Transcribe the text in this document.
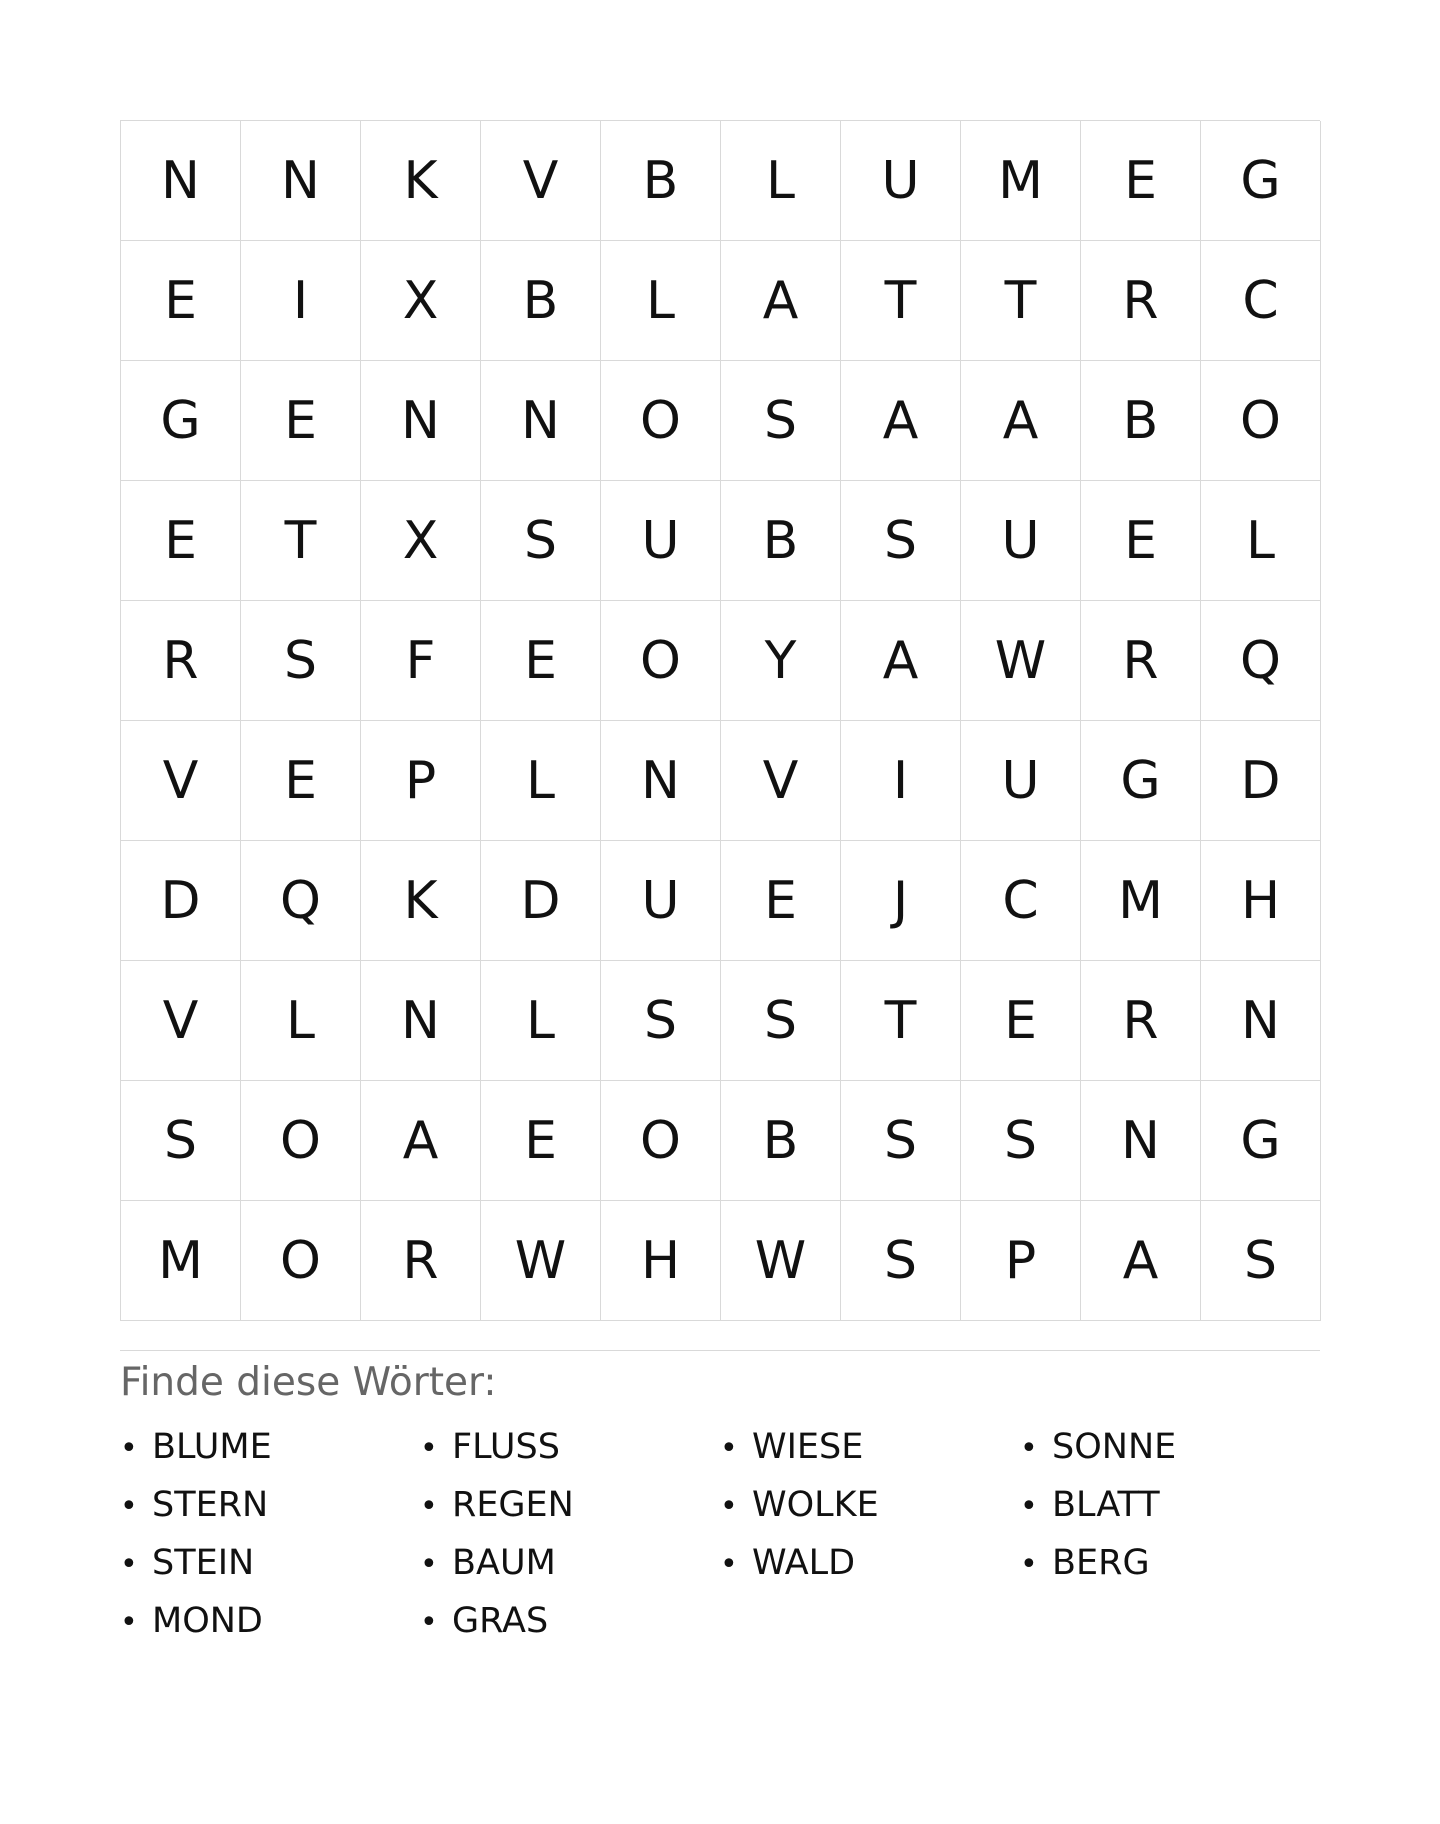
N	N	K	V	B	L	U	M	E	G
E	I	X	B	L	A	T	T	R	C
G	E	N	N	O	S	A	A	B	O
E	T	X	S	U	B	S	U	E	L
R	S	F	E	O	Y	A	W	R	Q
V	E	P	L	N	V	I	U	G	D
D	Q	K	D	U	E	J	C	M	H
V	L	N	L	S	S	T	E	R	N
S	O	A	E	O	B	S	S	N	G
M	O	R	W	H	W	S	P	A	S
Finde diese Wörter:
• BLUME	• FLUSS	• WIESE	• SONNE
• STERN	• REGEN	• WOLKE	• BLATT
• STEIN	• BAUM	• WALD	• BERG
• MOND	• GRAS
